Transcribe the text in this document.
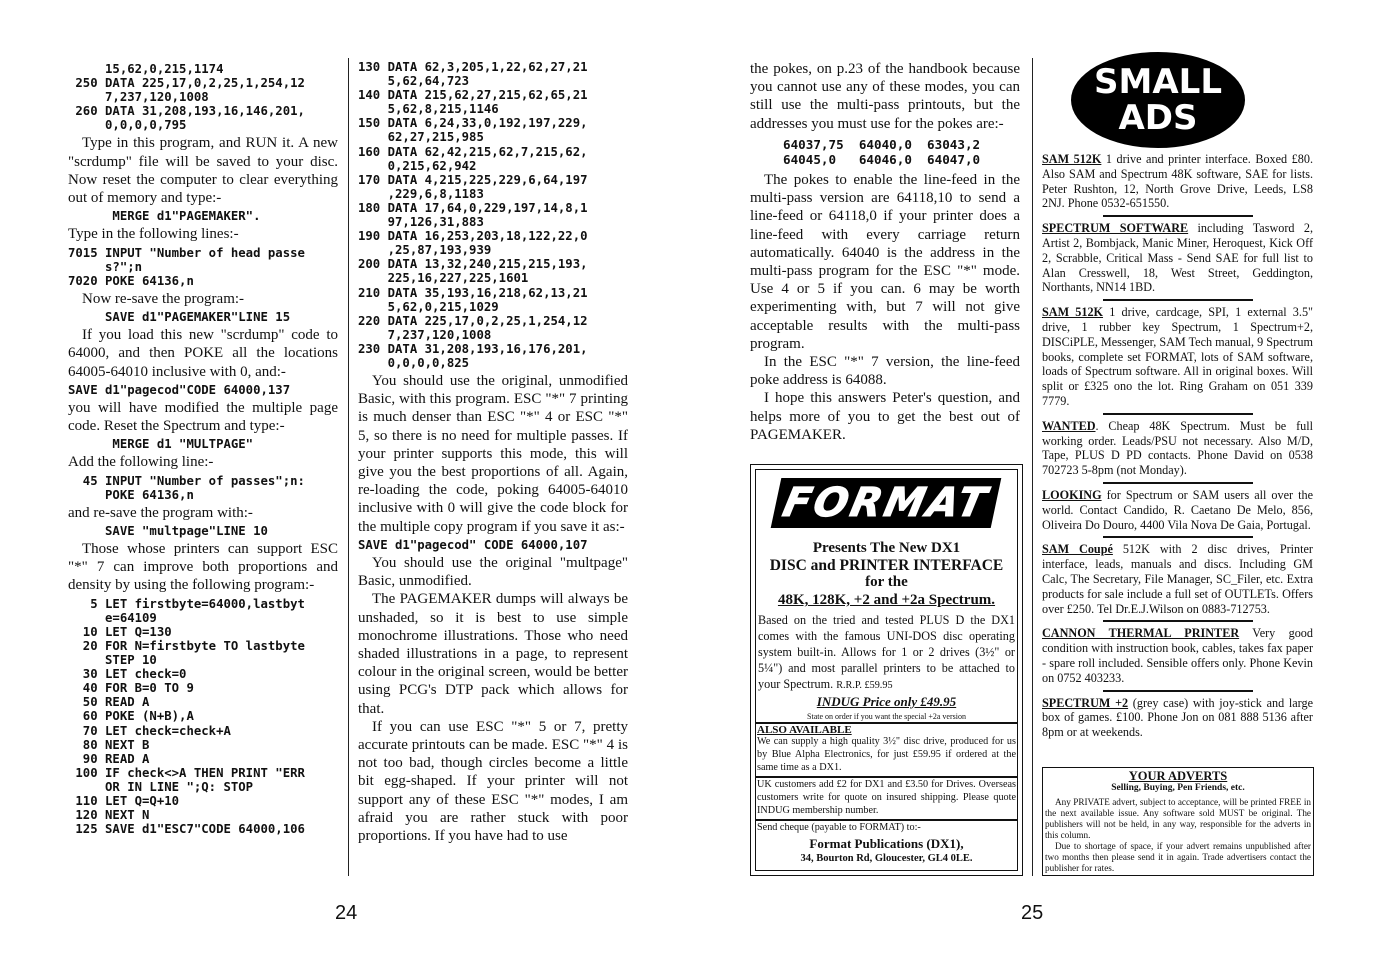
15,62,0,215,1174
250 DATA 225,17,0,2,25,1,254,12
7,237,120,1008
260 DATA 31,208,193,16,146,201,
0,0,0,0,795

Type in this program, and RUN it. A new "scrdump" file will be saved to your disc. Now reset the computer to clear everything out of memory and type:-

MERGE d1"PAGEMAKER".

Type in the following lines:-

7015 INPUT "Number of head passe
s?";n
7020 POKE 64136,n

Now re-save the program:-

SAVE d1"PAGEMAKER"LINE 15

If you load this new "scrdump" code to 64000, and then POKE all the locations 64005-64010 inclusive with 0, and:-

SAVE d1"pagecod"CODE 64000,137

you will have modified the multiple page code. Reset the Spectrum and type:-

MERGE d1 "MULTPAGE"

Add the following line:-

45 INPUT "Number of passes";n:
POKE 64136,n

and re-save the program with:-

SAVE "multpage"LINE 10

Those whose printers can support ESC "*" 7 can improve both proportions and density by using the following program:-

5 LET firstbyte=64000,lastbyt
e=64109
10 LET Q=130
20 FOR N=firstbyte TO lastbyte
STEP 10
30 LET check=0
40 FOR B=0 TO 9
50 READ A
60 POKE (N+B),A
70 LET check=check+A
80 NEXT B
90 READ A
100 IF check<>A THEN PRINT "ERR
OR IN LINE ";Q: STOP
110 LET Q=Q+10
120 NEXT N
125 SAVE d1"ESC7"CODE 64000,106
130 DATA 62,3,205,1,22,62,27,21
5,62,64,723
140 DATA 215,62,27,215,62,65,21
5,62,8,215,1146
150 DATA 6,24,33,0,192,197,229,
62,27,215,985
160 DATA 62,42,215,62,7,215,62,
0,215,62,942
170 DATA 4,215,225,229,6,64,197
,229,6,8,1183
180 DATA 17,64,0,229,197,14,8,1
97,126,31,883
190 DATA 16,253,203,18,122,22,0
,25,87,193,939
200 DATA 13,32,240,215,215,193,
225,16,227,225,1601
210 DATA 35,193,16,218,62,13,21
5,62,0,215,1029
220 DATA 225,17,0,2,25,1,254,12
7,237,120,1008
230 DATA 31,208,193,16,176,201,
0,0,0,0,825

You should use the original, unmodified Basic, with this program. ESC "*" 7 printing is much denser than ESC "*" 4 or ESC "*" 5, so there is no need for multiple passes. If your printer supports this mode, this will give you the best proportions of all. Again, re-loading the code, poking 64005-64010 inclusive with 0 will give the code block for the multiple copy program if you save it as:-

SAVE d1"pagecod" CODE 64000,107

You should use the original "multpage" Basic, unmodified.

The PAGEMAKER dumps will always be unshaded, so it is best to use simple monochrome illustrations. Those who need shaded illustrations in a page, to represent colour in the original screen, would be better using PCG's DTP pack which allows for that.

If you can use ESC "*" 5 or 7, pretty accurate printouts can be made. ESC "*" 4 is not too bad, though circles become a little bit egg-shaped. If your printer will not support any of these ESC "*" modes, I am afraid you are rather stuck with poor proportions. If you have had to use

24

the pokes, on p.23 of the handbook because you cannot use any of these modes, you can still use the multi-pass printouts, but the addresses you must use for the pokes are:-

64037,75  64040,0  63043,2
64045,0   64046,0  64047,0

The pokes to enable the line-feed in the multi-pass version are 64118,10 to send a line-feed or 64118,0 if your printer does a line-feed with every carriage return automatically. 64040 is the address in the multi-pass program for the ESC "*" mode. Use 4 or 5 if you can. 6 may be worth experimenting with, but 7 will not give acceptable results with the multi-pass program.

In the ESC "*" 7 version, the line-feed poke address is 64088.

I hope this answers Peter's question, and helps more of you to get the best out of PAGEMAKER.

FORMAT
Presents The New DX1
DISC and PRINTER INTERFACE
for the
48K, 128K, +2 and +2a Spectrum.
Based on the tried and tested PLUS D the DX1 comes with the famous UNI-DOS disc operating system built-in. Allows for 1 or 2 drives (3½" or 5¼") and most parallel printers to be attached to your Spectrum. R.R.P. £59.95
INDUG Price only £49.95
State on order if you want the special +2a version
ALSO AVAILABLE
We can supply a high quality 3½" disc drive, produced for us by Blue Alpha Electronics, for just £59.95 if ordered at the same time as a DX1.
UK customers add £2 for DX1 and £3.50 for Drives. Overseas customers write for quote on insured shipping. Please quote INDUG membership number.
Send cheque (payable to FORMAT) to:-
Format Publications (DX1),
34, Bourton Rd, Gloucester, GL4 0LE.
SMALL
ADS

SAM 512K 1 drive and printer interface. Boxed £80. Also SAM and Spectrum 48K software, SAE for lists. Peter Rushton, 12, North Grove Drive, Leeds, LS8 2NJ. Phone 0532-651550.

SPECTRUM SOFTWARE including Tasword 2, Artist 2, Bombjack, Manic Miner, Heroquest, Kick Off 2, Scrabble, Critical Mass - Send SAE for full list to Alan Cresswell, 18, West Street, Geddington, Northants, NN14 1BD.

SAM 512K 1 drive, cardcage, SPI, 1 external 3.5" drive, 1 rubber key Spectrum, 1 Spectrum+2, DISCiPLE, Messenger, SAM Tech manual, 9 Spectrum books, complete set FORMAT, lots of SAM software, loads of Spectrum software. All in original boxes. Will split or £325 ono the lot. Ring Graham on 051 339 7779.

WANTED. Cheap 48K Spectrum. Must be full working order. Leads/PSU not necessary. Also M/D, Tape, PLUS D PD contacts. Phone David on 0538 702723 5-8pm (not Monday).

LOOKING for Spectrum or SAM users all over the world. Contact Candido, R. Caetano De Melo, 856, Oliveira Do Douro, 4400 Vila Nova De Gaia, Portugal.

SAM Coupé 512K with 2 disc drives, Printer interface, leads, manuals and discs. Including GM Calc, The Secretary, File Manager, SC_Filer, etc. Extra products for sale include a full set of OUTLETs. Offers over £250. Tel Dr.E.J.Wilson on 0883-712753.

CANNON THERMAL PRINTER Very good condition with instruction book, cables, takes fax paper - spare roll included. Sensible offers only. Phone Kevin on 0752 403233.

SPECTRUM +2 (grey case) with joy-stick and large box of games. £100. Phone Jon on 081 888 5136 after 8pm or at weekends.

YOUR ADVERTS
Selling, Buying, Pen Friends, etc.
Any PRIVATE advert, subject to acceptance, will be printed FREE in the next available issue. Any software sold MUST be original. The publishers will not be held, in any way, responsible for the adverts in this column.
Due to shortage of space, if your advert remains unpublished after two months then please send it in again. Trade advertisers contact the publisher for rates.
25
